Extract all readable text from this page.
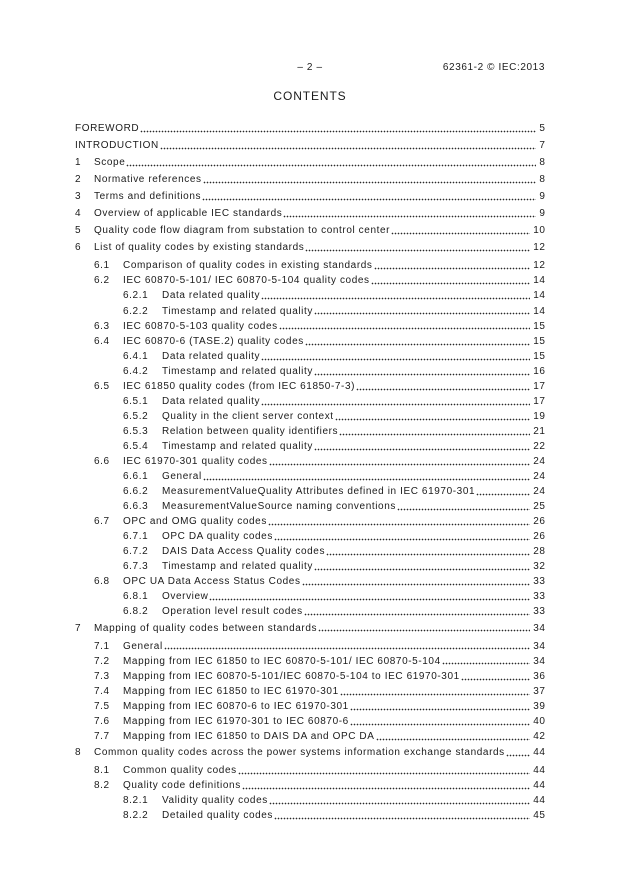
– 2 –	62361-2 © IEC:2013
CONTENTS
FOREWORD	5
INTRODUCTION	7
1	Scope	8
2	Normative references	8
3	Terms and definitions	9
4	Overview of applicable IEC standards	9
5	Quality code flow diagram from substation to control center	10
6	List of quality codes by existing standards	12
6.1	Comparison of quality codes in existing standards	12
6.2	IEC 60870-5-101/ IEC 60870-5-104 quality codes	14
6.2.1	Data related quality	14
6.2.2	Timestamp and related quality	14
6.3	IEC 60870-5-103 quality codes	15
6.4	IEC 60870-6 (TASE.2) quality codes	15
6.4.1	Data related quality	15
6.4.2	Timestamp and related quality	16
6.5	IEC 61850 quality codes (from IEC 61850-7-3)	17
6.5.1	Data related quality	17
6.5.2	Quality in the client server context	19
6.5.3	Relation between quality identifiers	21
6.5.4	Timestamp and related quality	22
6.6	IEC 61970-301 quality codes	24
6.6.1	General	24
6.6.2	MeasurementValueQuality Attributes defined in IEC 61970-301	24
6.6.3	MeasurementValueSource naming conventions	25
6.7	OPC and OMG quality codes	26
6.7.1	OPC DA quality codes	26
6.7.2	DAIS Data Access Quality codes	28
6.7.3	Timestamp and related quality	32
6.8	OPC UA Data Access Status Codes	33
6.8.1	Overview	33
6.8.2	Operation level result codes	33
7	Mapping of quality codes between standards	34
7.1	General	34
7.2	Mapping from IEC 61850 to IEC 60870-5-101/ IEC 60870-5-104	34
7.3	Mapping from IEC 60870-5-101/IEC 60870-5-104 to IEC 61970-301	36
7.4	Mapping from IEC 61850 to IEC 61970-301	37
7.5	Mapping from IEC 60870-6 to IEC 61970-301	39
7.6	Mapping from IEC 61970-301 to IEC 60870-6	40
7.7	Mapping from IEC 61850 to DAIS DA and OPC DA	42
8	Common quality codes across the power systems information exchange standards	44
8.1	Common quality codes	44
8.2	Quality code definitions	44
8.2.1	Validity quality codes	44
8.2.2	Detailed quality codes	45
